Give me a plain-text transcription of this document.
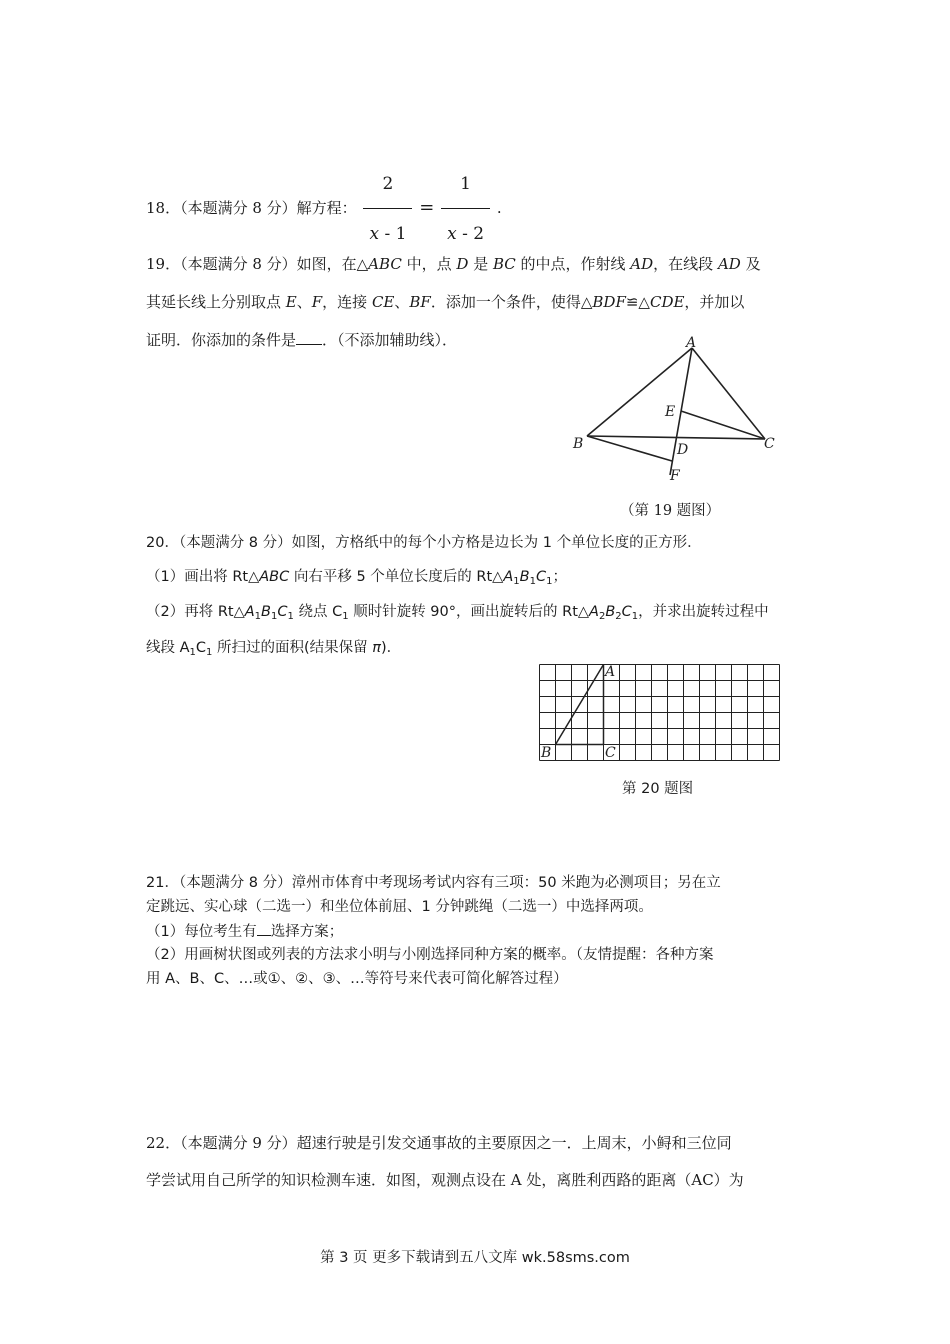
18．（本题满分 8 分）解方程： $\frac{2}{x - 1} = \frac{1}{x - 2}$ .
19．（本题满分 8 分）如图，在△ABC 中，点 D 是 BC 的中点，作射线 AD，在线段 AD 及
其延长线上分别取点 E、F，连接 CE、BF．添加一个条件，使得△BDF≌△CDE，并加以
证明．你添加的条件是 ．（不添加辅助线）．	A
B	C
D
E
F
（第 19 题图）
20．（本题满分 8 分）如图，方格纸中的每个小方格是边长为 1 个单位长度的正方形．
（1）画出将 Rt△ABC 向右平移 5 个单位长度后的 $Rt\triangle A_1B_1C_1$；
（2）再将 $Rt\triangle A_1B_1C_1$ 绕点 $C_1$ 顺时针旋转 90°，画出旋转后的 $Rt\triangle A_2B_2C_1$，并求出旋转过程中
线段 $A_1C_1$ 所扫过的面积(结果保留 π)．
A
B	C
第 20 题图
21．（本题满分 8 分）漳州市体育中考现场考试内容有三项：50 米跑为必测项目；另在立
定跳远、实心球（二选一）和坐位体前屈、1 分钟跳绳（二选一）中选择两项。
（1）每位考生有 选择方案；
（2）用画树状图或列表的方法求小明与小刚选择同种方案的概率。（友情提醒：各种方案
用 A、B、C、…或①、②、③、…等符号来代表可简化解答过程）
22．（本题满分 9 分）超速行驶是引发交通事故的主要原因之一．上周末，小鲟和三位同
学尝试用自己所学的知识检测车速．如图，观测点设在 A 处，离胜利西路的距离（AC）为
第 3 页 更多下载请到五八文库 wk.58sms.com
